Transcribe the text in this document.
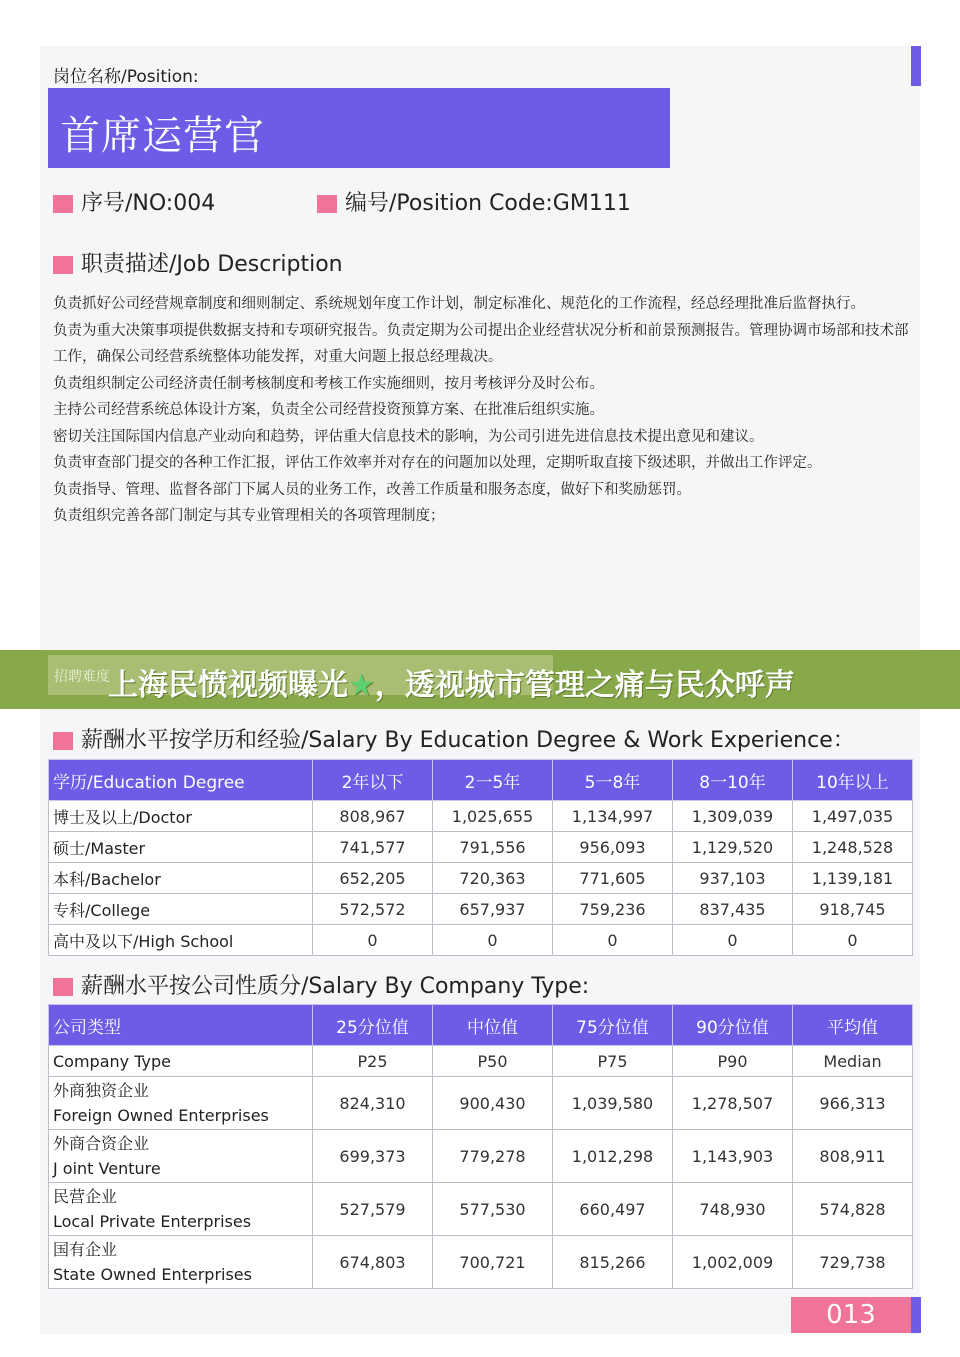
岗位名称/Position:
首席运营官
序号/NO:004	编号/Position Code:GM111
职责描述/Job Description

负责抓好公司经营规章制度和细则制定、系统规划年度工作计划，制定标准化、规范化的工作流程，经总经理批准后监督执行。

负责为重大决策事项提供数据支持和专项研究报告。负责定期为公司提出企业经营状况分析和前景预测报告。管理协调市场部和技术部工作，确保公司经营系统整体功能发挥，对重大问题上报总经理裁决。

负责组织制定公司经济责任制考核制度和考核工作实施细则，按月考核评分及时公布。

主持公司经营系统总体设计方案，负责全公司经营投资预算方案、在批准后组织实施。

密切关注国际国内信息产业动向和趋势，评估重大信息技术的影响，为公司引进先进信息技术提出意见和建议。

负责审查部门提交的各种工作汇报，评估工作效率并对存在的问题加以处理，定期听取直接下级述职，并做出工作评定。

负责指导、管理、监督各部门下属人员的业务工作，改善工作质量和服务态度，做好下和奖励惩罚。

负责组织完善各部门制定与其专业管理相关的各项管理制度；

招聘难度
上海民愤视频曝光★，透视城市管理之痛与民众呼声
薪酬水平按学历和经验/Salary By Education Degree & Work Experience：
学历/Education Degree	2年以下	2一5年	5一8年	8一10年	10年以上
博士及以上/Doctor	808,967	1,025,655	1,134,997	1,309,039	1,497,035
硕士/Master	741,577	791,556	956,093	1,129,520	1,248,528
本科/Bachelor	652,205	720,363	771,605	937,103	1,139,181
专科/College	572,572	657,937	759,236	837,435	918,745
高中及以下/High School	0	0	0	0	0
薪酬水平按公司性质分/Salary By Company Type:
公司类型	25分位值	中位值	75分位值	90分位值	平均值
Company Type	P25	P50	P75	P90	Median

外商独资企业
Foreign Owned Enterprises	824,310	900,430	1,039,580	1,278,507	966,313

外商合资企业
J oint Venture	699,373	779,278	1,012,298	1,143,903	808,911

民营企业
Local Private Enterprises	527,579	577,530	660,497	748,930	574,828

国有企业
State Owned Enterprises	674,803	700,721	815,266	1,002,009	729,738
013
